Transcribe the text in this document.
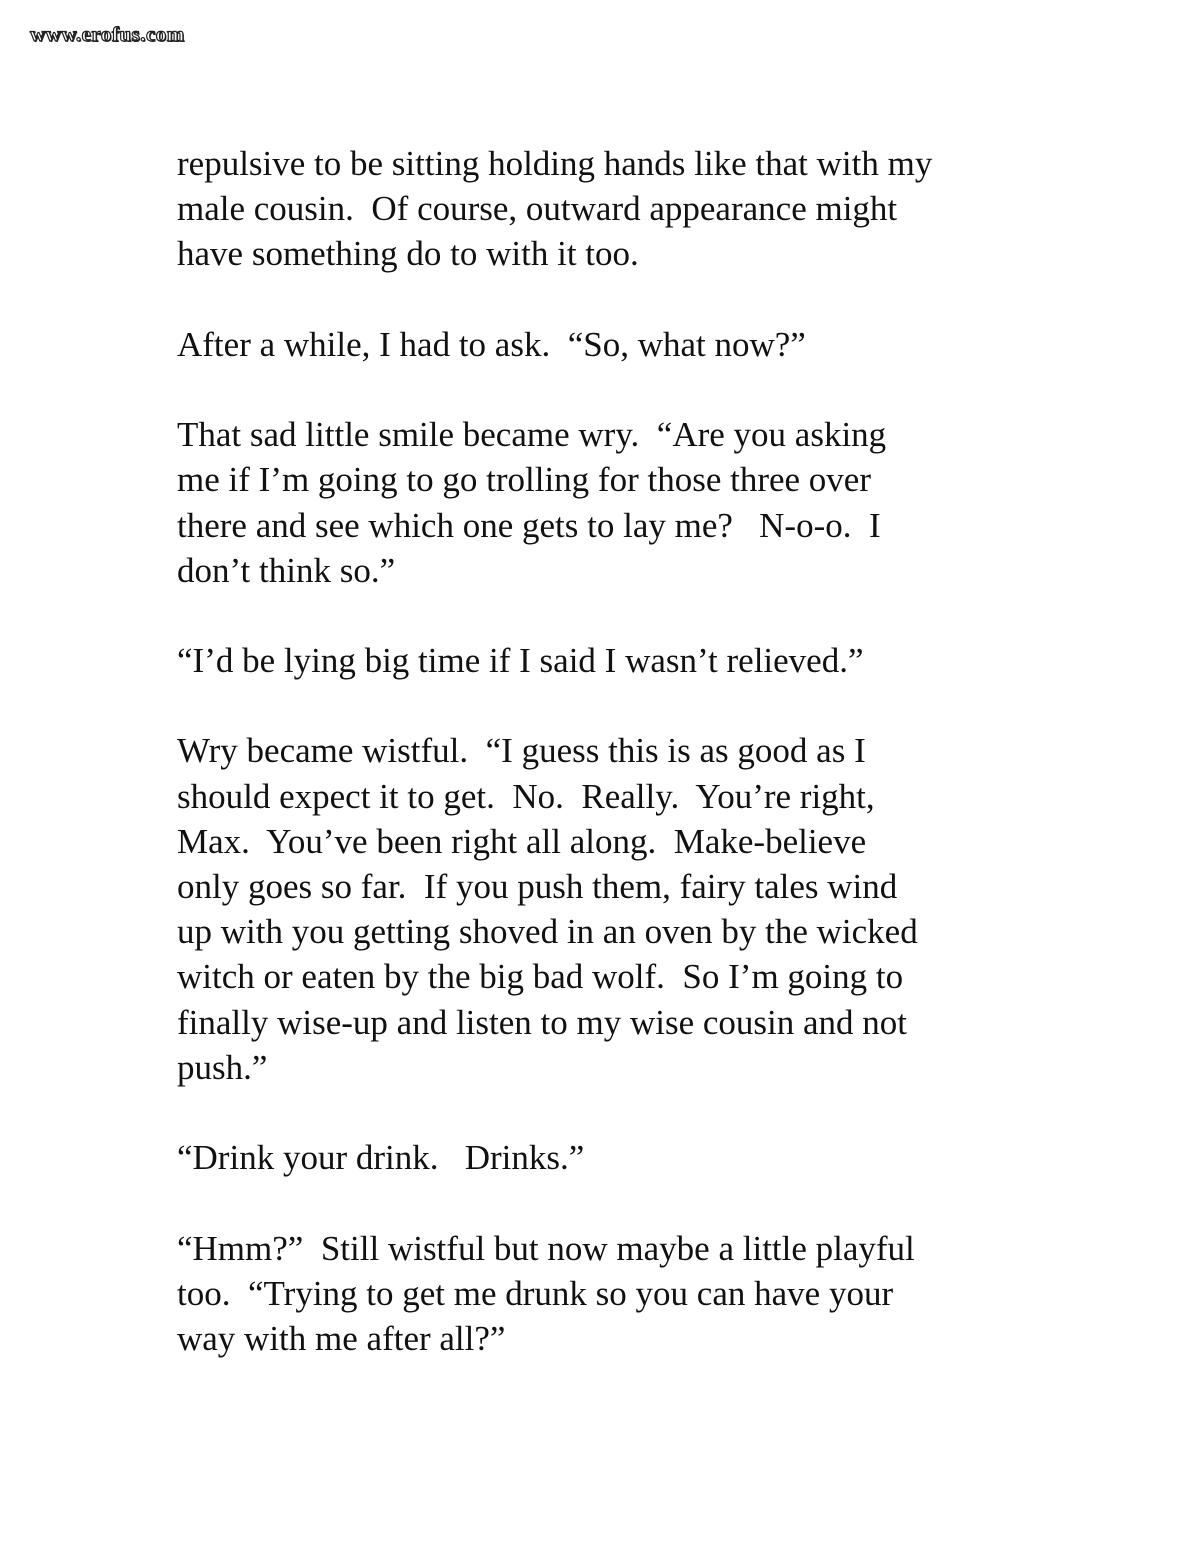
www.erofus.com
repulsive to be sitting holding hands like that with my
male cousin.  Of course, outward appearance might
have something do to with it too.
After a while, I had to ask.  “So, what now?”
That sad little smile became wry.  “Are you asking
me if I’m going to go trolling for those three over
there and see which one gets to lay me?   N-o-o.  I
don’t think so.”
“I’d be lying big time if I said I wasn’t relieved.”
Wry became wistful.  “I guess this is as good as I
should expect it to get.  No.  Really.  You’re right,
Max.  You’ve been right all along.  Make-believe
only goes so far.  If you push them, fairy tales wind
up with you getting shoved in an oven by the wicked
witch or eaten by the big bad wolf.  So I’m going to
finally wise-up and listen to my wise cousin and not
push.”
“Drink your drink.   Drinks.”
“Hmm?”  Still wistful but now maybe a little playful
too.  “Trying to get me drunk so you can have your
way with me after all?”
